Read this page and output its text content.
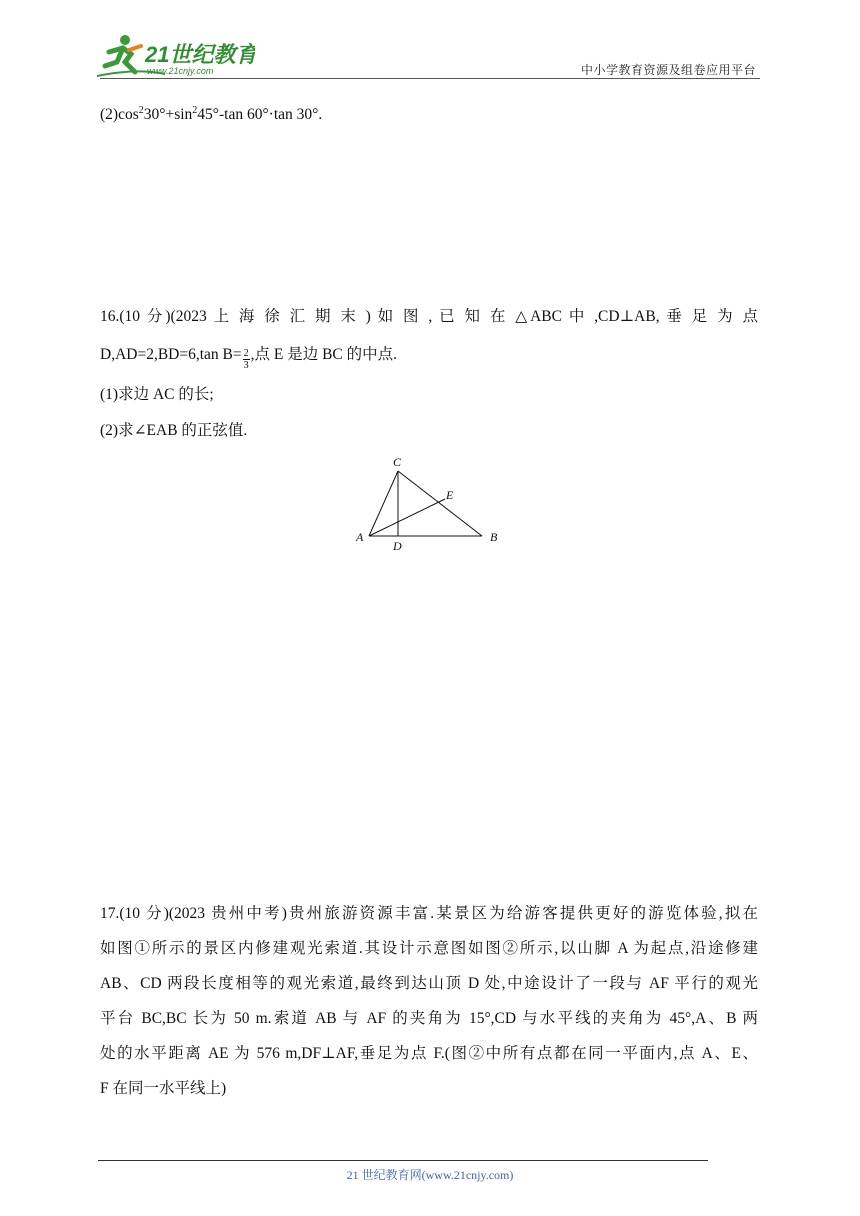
21世纪教育
www.21cnjy.com	中小学教育资源及组卷应用平台
$(2)\cos^230^\circ+\sin^245^\circ-\tan$ 60°·tan 30°.
16.(10 分)(2023 上 海 徐 汇 期 末 ) 如 图 , 已 知 在 △ABC 中 ,CD⊥AB, 垂 足 为 点
D,AD=2,BD=6,tan $B= \frac{2}{3}$ ,点 E 是边 BC 的中点.
(1)求边 AC 的长;
(2)求∠EAB 的正弦值.
C
E
A
D
B
17.(10 分)(2023 贵州中考)贵州旅游资源丰富.某景区为给游客提供更好的游览体验,拟在
如图①所示的景区内修建观光索道.其设计示意图如图②所示,以山脚 A 为起点,沿途修建
AB、CD 两段长度相等的观光索道,最终到达山顶 D 处,中途设计了一段与 AF 平行的观光
平台 BC,BC 长为 50 m.索道 AB 与 AF 的夹角为 15°,CD 与水平线的夹角为 45°,A、B 两
处的水平距离 AE 为 576 m,DF⊥AF,垂足为点 F.(图②中所有点都在同一平面内,点 A、E、
F 在同一水平线上)
21 世纪教育网(www.21cnjy.com)
